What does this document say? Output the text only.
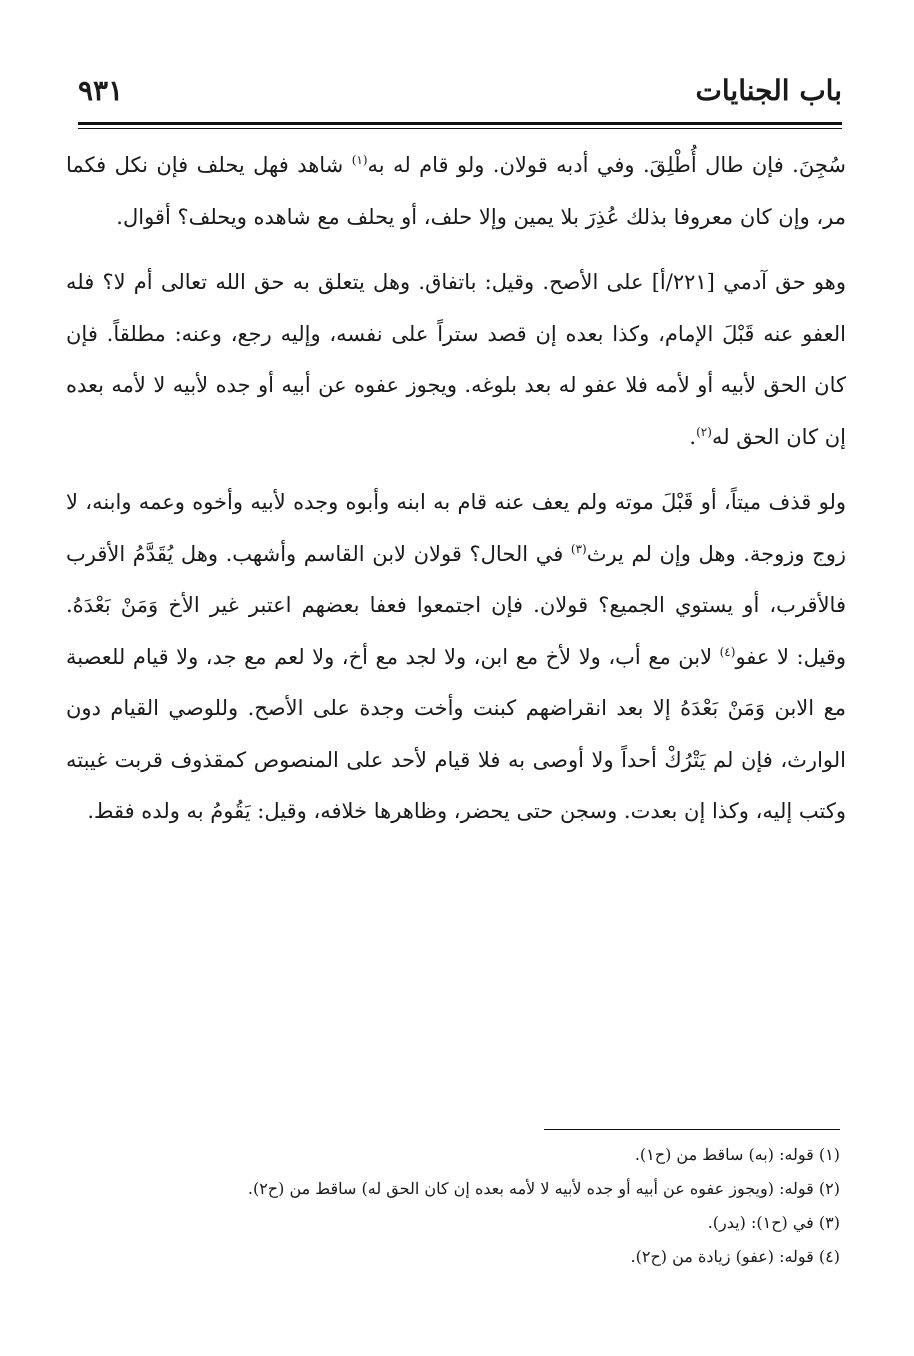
باب الجنايات
٩٣١

سُجِنَ. فإن طال أُطْلِقَ. وفي أدبه قولان. ولو قام له به$^{(١)}$ شاهد فهل يحلف فإن نكل فكما مر، وإن كان معروفا بذلك عُذِرَ بلا يمين وإلا حلف، أو يحلف مع شاهده ويحلف؟ أقوال.

وهو حق آدمي [٢٢١/أ] على الأصح. وقيل: باتفاق. وهل يتعلق به حق الله تعالى أم لا؟ فله العفو عنه قَبْلَ الإمام، وكذا بعده إن قصد ستراً على نفسه، وإليه رجع، وعنه: مطلقاً. فإن كان الحق لأبيه أو لأمه فلا عفو له بعد بلوغه. ويجوز عفوه عن أبيه أو جده لأبيه لا لأمه بعده إن كان الحق له$^{(٢)}$.

ولو قذف ميتاً، أو قَبْلَ موته ولم يعف عنه قام به ابنه وأبوه وجده لأبيه وأخوه وعمه وابنه، لا زوج وزوجة. وهل وإن لم يرث$^{(٣)}$ في الحال؟ قولان لابن القاسم وأشهب. وهل يُقَدَّمُ الأقرب فالأقرب، أو يستوي الجميع؟ قولان. فإن اجتمعوا فعفا بعضهم اعتبر غير الأخ وَمَنْ بَعْدَهُ. وقيل: لا عفو$^{(٤)}$ لابن مع أب، ولا لأخ مع ابن، ولا لجد مع أخ، ولا لعم مع جد، ولا قيام للعصبة مع الابن وَمَنْ بَعْدَهُ إلا بعد انقراضهم كبنت وأخت وجدة على الأصح. وللوصي القيام دون الوارث، فإن لم يَتْرُكْ أحداً ولا أوصى به فلا قيام لأحد على المنصوص كمقذوف قربت غيبته وكتب إليه، وكذا إن بعدت. وسجن حتى يحضر، وظاهرها خلافه، وقيل: يَقُومُ به ولده فقط.

(١) قوله: (به) ساقط من (ح١).

(٢) قوله: (ويجوز عفوه عن أبيه أو جده لأبيه لا لأمه بعده إن كان الحق له) ساقط من (ح٢).

(٣) في (ح١): (يدر).

(٤) قوله: (عفو) زيادة من (ح٢).
